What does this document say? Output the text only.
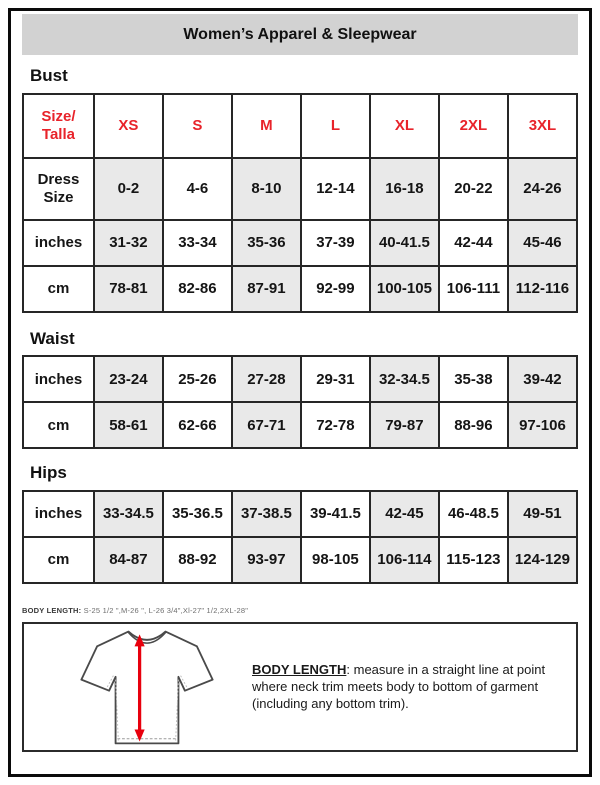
Women’s Apparel & Sleepwear
Bust
Size/ Talla	XS	S	M	L	XL	2XL	3XL
Dress Size	0-2	4-6	8-10	12-14	16-18	20-22	24-26
inches	31-32	33-34	35-36	37-39	40-41.5	42-44	45-46
cm	78-81	82-86	87-91	92-99	100-105	106-111	112-116
Waist
inches	23-24	25-26	27-28	29-31	32-34.5	35-38	39-42
cm	58-61	62-66	67-71	72-78	79-87	88-96	97-106
Hips
inches	33-34.5	35-36.5	37-38.5	39-41.5	42-45	46-48.5	49-51
cm	84-87	88-92	93-97	98-105	106-114	115-123	124-129
BODY LENGTH: S-25 1/2 ",M-26 ", L-26 3/4",Xl-27" 1/2,2XL-28"
BODY LENGTH: measure in a straight line at point where neck trim meets body to bottom of garment (including any bottom trim).
